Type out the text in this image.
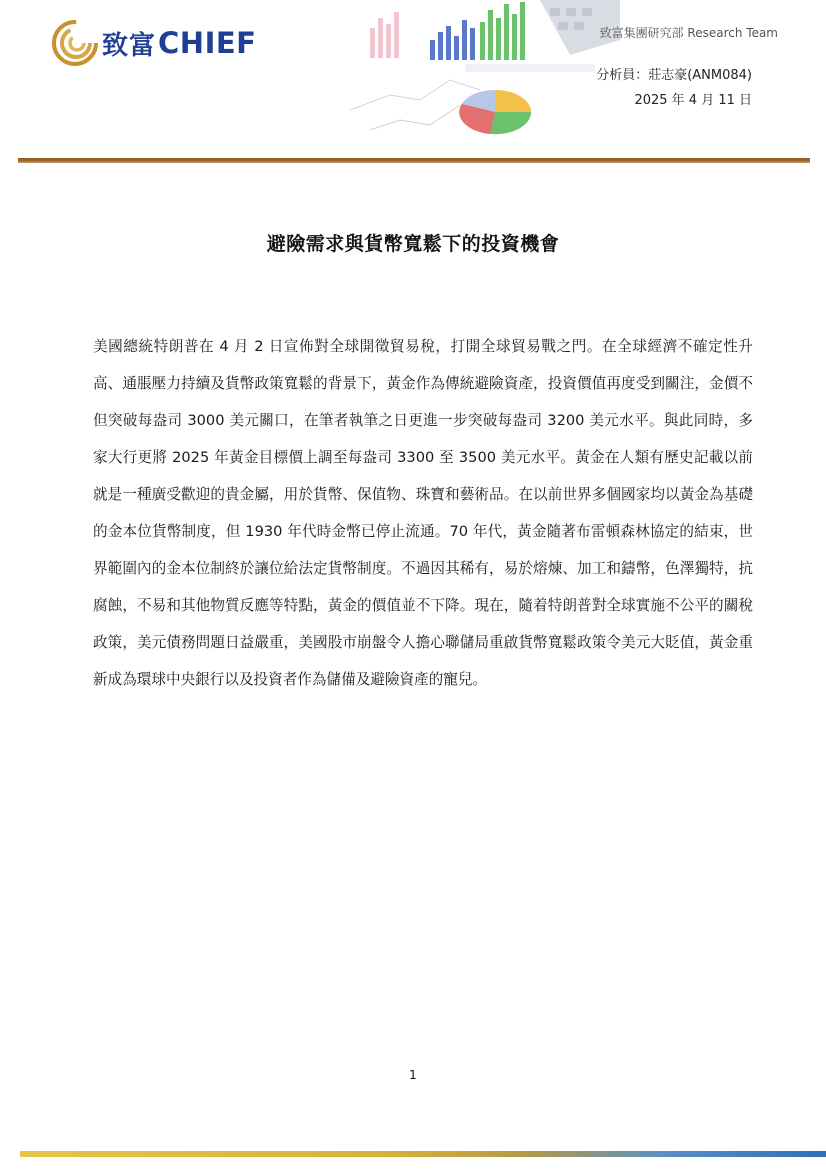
致富 CHIEF	致富集團研究部 Research Team
分析員：莊志豪(ANM084)
2025 年 4 月 11 日
避險需求與貨幣寬鬆下的投資機會

美國總統特朗普在 4 月 2 日宣佈對全球開徵貿易稅，打開全球貿易戰之門。在全球經濟不確定性升高、通脹壓力持續及貨幣政策寬鬆的背景下，黃金作為傳統避險資產，投資價值再度受到關注，金價不但突破每盎司 3000 美元關口，在筆者執筆之日更進一步突破每盎司 3200 美元水平。與此同時，多家大行更將 2025 年黃金目標價上調至每盎司 3300 至 3500 美元水平。黃金在人類有歷史記載以前就是一種廣受歡迎的貴金屬，用於貨幣、保值物、珠寶和藝術品。在以前世界多個國家均以黃金為基礎的金本位貨幣制度，但 1930 年代時金幣已停止流通。70 年代，黃金隨著布雷頓森林協定的結束，世界範圍內的金本位制終於讓位給法定貨幣制度。不過因其稀有，易於熔煉、加工和鑄幣，色澤獨特，抗腐蝕，不易和其他物質反應等特點，黃金的價值並不下降。現在，隨着特朗普對全球實施不公平的關稅政策，美元債務問題日益嚴重，美國股市崩盤令人擔心聯儲局重啟貨幣寬鬆政策令美元大貶值，黃金重新成為環球中央銀行以及投資者作為儲備及避險資產的寵兒。

1
